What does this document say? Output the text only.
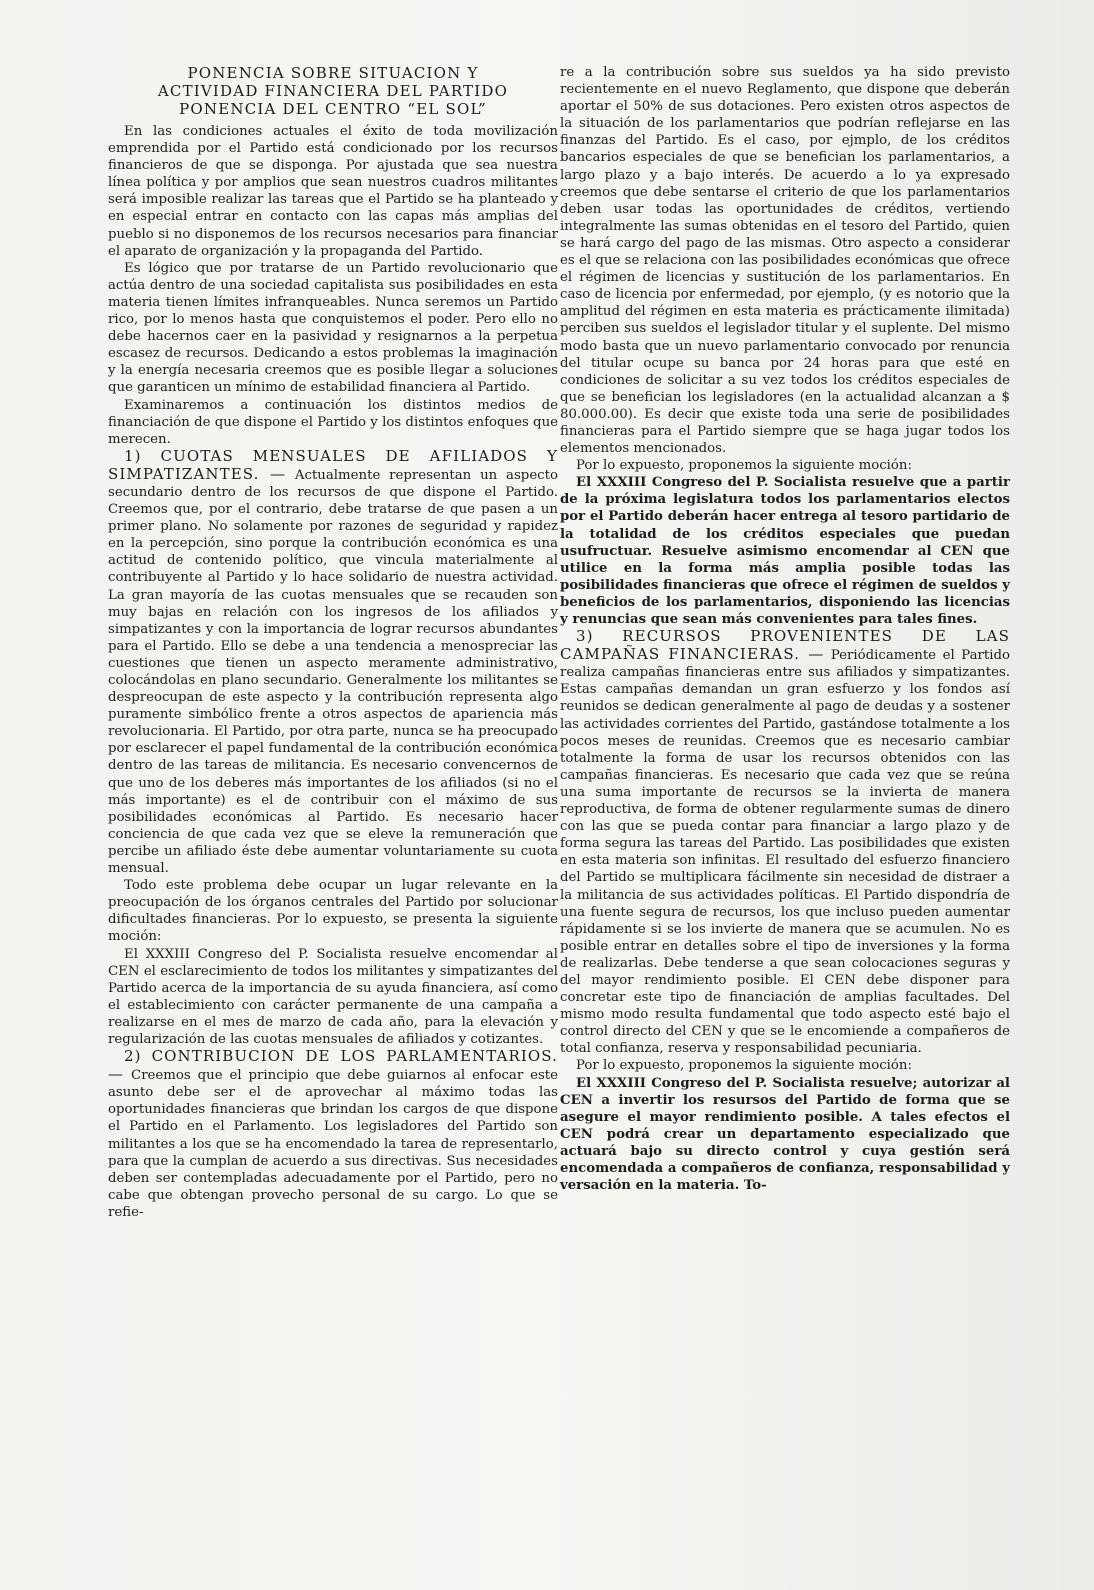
PONENCIA SOBRE SITUACION Y
ACTIVIDAD FINANCIERA DEL PARTIDO
PONENCIA DEL CENTRO “EL SOL”

En las condiciones actuales el éxito de toda movilización emprendida por el Partido está condicionado por los recursos financieros de que se disponga. Por ajustada que sea nuestra línea política y por amplios que sean nuestros cuadros militantes será imposible realizar las tareas que el Partido se ha planteado y en especial entrar en contacto con las capas más amplias del pueblo si no disponemos de los recursos necesarios para financiar el aparato de organización y la propaganda del Partido.

Es lógico que por tratarse de un Partido revolucionario que actúa dentro de una sociedad capitalista sus posibilidades en esta materia tienen límites infranqueables. Nunca seremos un Partido rico, por lo menos hasta que conquistemos el poder. Pero ello no debe hacernos caer en la pasividad y resignarnos a la perpetua escasez de recursos. Dedicando a estos problemas la imaginación y la energía necesaria creemos que es posible llegar a soluciones que garanticen un mínimo de estabilidad financiera al Partido.

Examinaremos a continuación los distintos medios de financiación de que dispone el Partido y los distintos enfoques que merecen.

1) CUOTAS MENSUALES DE AFILIADOS Y SIMPATIZANTES. — Actualmente representan un aspecto secundario dentro de los recursos de que dispone el Partido. Creemos que, por el contrario, debe tratarse de que pasen a un primer plano. No solamente por razones de seguridad y rapidez en la percepción, sino porque la contribución económica es una actitud de contenido político, que vincula materialmente al contribuyente al Partido y lo hace solidario de nuestra actividad. La gran mayoría de las cuotas mensuales que se recauden son muy bajas en relación con los ingresos de los afiliados y simpatizantes y con la importancia de lograr recursos abundantes para el Partido. Ello se debe a una tendencia a menospreciar las cuestiones que tienen un aspecto meramente administrativo, colocándolas en plano secundario. Generalmente los militantes se despreocupan de este aspecto y la contribución representa algo puramente simbólico frente a otros aspectos de apariencia más revolucionaria. El Partido, por otra parte, nunca se ha preocupado por esclarecer el papel fundamental de la contribución económica dentro de las tareas de militancia. Es necesario convencernos de que uno de los deberes más importantes de los afiliados (si no el más importante) es el de contribuir con el máximo de sus posibilidades económicas al Partido. Es necesario hacer conciencia de que cada vez que se eleve la remuneración que percibe un afiliado éste debe aumentar voluntariamente su cuota mensual.

Todo este problema debe ocupar un lugar relevante en la preocupación de los órganos centrales del Partido por solucionar dificultades financieras. Por lo expuesto, se presenta la siguiente moción:

El XXXIII Congreso del P. Socialista resuelve encomendar al CEN el esclarecimiento de todos los militantes y simpatizantes del Partido acerca de la importancia de su ayuda financiera, así como el establecimiento con carácter permanente de una campaña a realizarse en el mes de marzo de cada año, para la elevación y regularización de las cuotas mensuales de afiliados y cotizantes.

2) CONTRIBUCION DE LOS PARLAMENTARIOS. — Creemos que el principio que debe guiarnos al enfocar este asunto debe ser el de aprovechar al máximo todas las oportunidades financieras que brindan los cargos de que dispone el Partido en el Parlamento. Los legisladores del Partido son militantes a los que se ha encomendado la tarea de representarlo, para que la cumplan de acuerdo a sus directivas. Sus necesidades deben ser contempladas adecuadamente por el Partido, pero no cabe que obtengan provecho personal de su cargo. Lo que se refie-

re a la contribución sobre sus sueldos ya ha sido previsto recientemente en el nuevo Reglamento, que dispone que deberán aportar el 50% de sus dotaciones. Pero existen otros aspectos de la situación de los parlamentarios que podrían reflejarse en las finanzas del Partido. Es el caso, por ejmplo, de los créditos bancarios especiales de que se benefician los parlamentarios, a largo plazo y a bajo interés. De acuerdo a lo ya expresado creemos que debe sentarse el criterio de que los parlamentarios deben usar todas las oportunidades de créditos, vertiendo integralmente las sumas obtenidas en el tesoro del Partido, quien se hará cargo del pago de las mismas. Otro aspecto a considerar es el que se relaciona con las posibilidades económicas que ofrece el régimen de licencias y sustitución de los parlamentarios. En caso de licencia por enfermedad, por ejemplo, (y es notorio que la amplitud del régimen en esta materia es prácticamente ilimitada) perciben sus sueldos el legislador titular y el suplente. Del mismo modo basta que un nuevo parlamentario convocado por renuncia del titular ocupe su banca por 24 horas para que esté en condiciones de solicitar a su vez todos los créditos especiales de que se benefician los legisladores (en la actualidad alcanzan a $ 80.000.00). Es decir que existe toda una serie de posibilidades financieras para el Partido siempre que se haga jugar todos los elementos mencionados.

Por lo expuesto, proponemos la siguiente moción:

El XXXIII Congreso del P. Socialista resuelve que a partir de la próxima legislatura todos los parlamentarios electos por el Partido deberán hacer entrega al tesoro partidario de la totalidad de los créditos especiales que puedan usufructuar. Resuelve asimismo encomendar al CEN que utilice en la forma más amplia posible todas las posibilidades financieras que ofrece el régimen de sueldos y beneficios de los parlamentarios, disponiendo las licencias y renuncias que sean más convenientes para tales fines.

3) RECURSOS PROVENIENTES DE LAS CAMPAÑAS FINANCIERAS. — Periódicamente el Partido realiza campañas financieras entre sus afiliados y simpatizantes. Estas campañas demandan un gran esfuerzo y los fondos así reunidos se dedican generalmente al pago de deudas y a sostener las actividades corrientes del Partido, gastándose totalmente a los pocos meses de reunidas. Creemos que es necesario cambiar totalmente la forma de usar los recursos obtenidos con las campañas financieras. Es necesario que cada vez que se reúna una suma importante de recursos se la invierta de manera reproductiva, de forma de obtener regularmente sumas de dinero con las que se pueda contar para financiar a largo plazo y de forma segura las tareas del Partido. Las posibilidades que existen en esta materia son infinitas. El resultado del esfuerzo financiero del Partido se multiplicara fácilmente sin necesidad de distraer a la militancia de sus actividades políticas. El Partido dispondría de una fuente segura de recursos, los que incluso pueden aumentar rápidamente si se los invierte de manera que se acumulen. No es posible entrar en detalles sobre el tipo de inversiones y la forma de realizarlas. Debe tenderse a que sean colocaciones seguras y del mayor rendimiento posible. El CEN debe disponer para concretar este tipo de financiación de amplias facultades. Del mismo modo resulta fundamental que todo aspecto esté bajo el control directo del CEN y que se le encomiende a compañeros de total confianza, reserva y responsabilidad pecuniaria.

Por lo expuesto, proponemos la siguiente moción:

El XXXIII Congreso del P. Socialista resuelve; autorizar al CEN a invertir los resursos del Partido de forma que se asegure el mayor rendimiento posible. A tales efectos el CEN podrá crear un departamento especializado que actuará bajo su directo control y cuya gestión será encomendada a compañeros de confianza, responsabilidad y versación en la materia. To-
